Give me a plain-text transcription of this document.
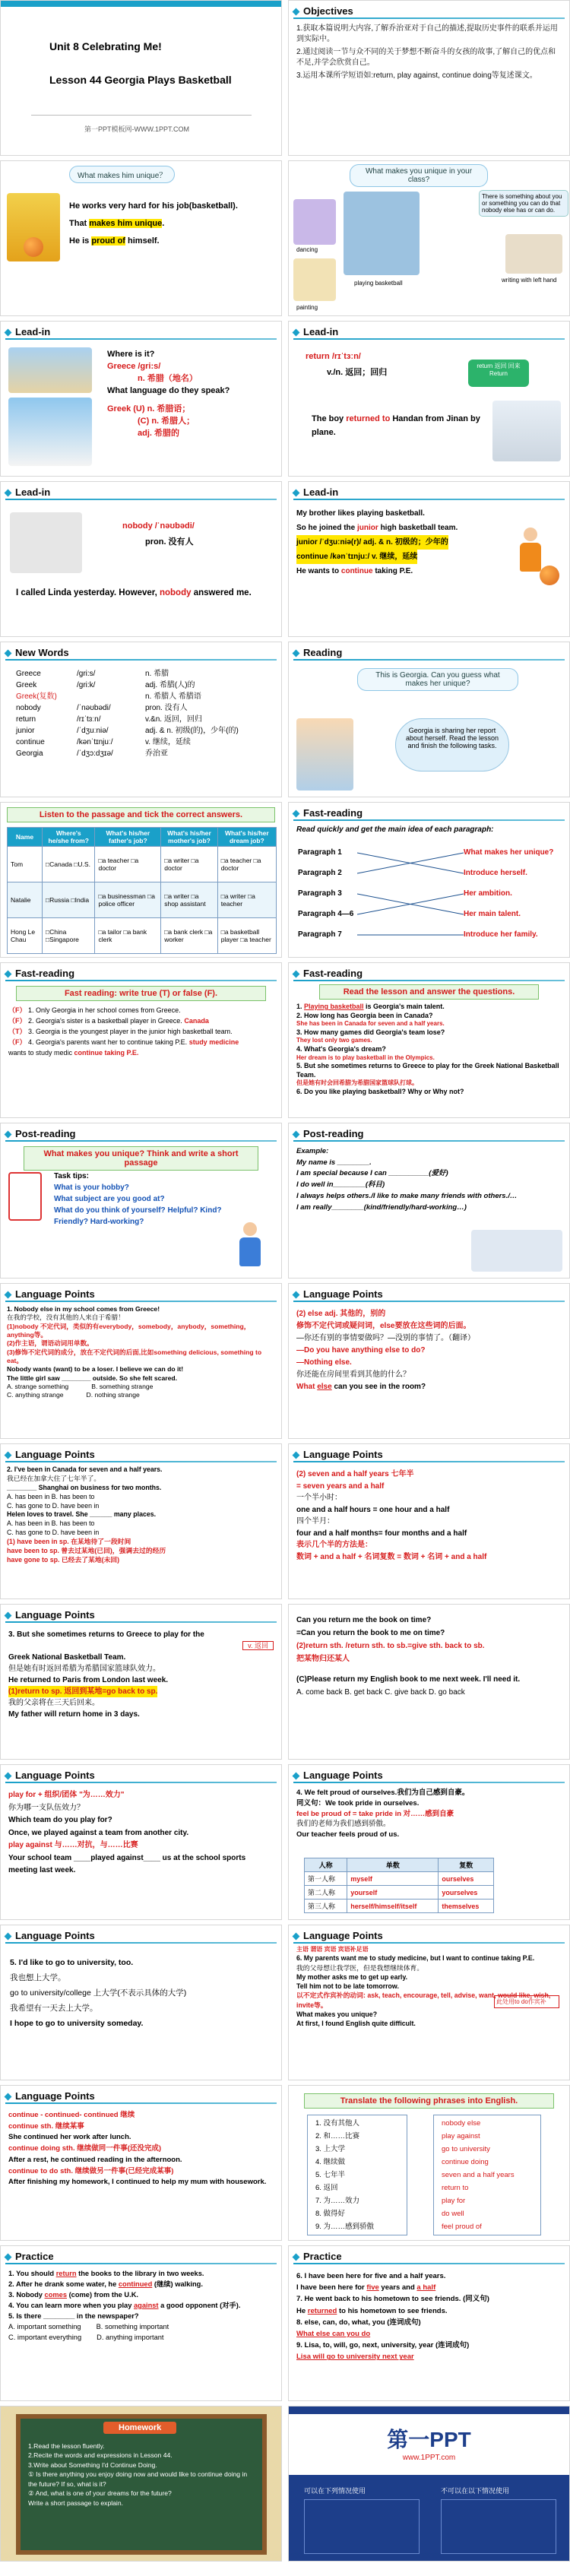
Unit 8 Celebrating Me!
Lesson 44 Georgia Plays Basketball
第一PPT模板网-WWW.1PPT.COM
Objectives
1.获取本篇说明大内容,了解乔治亚对于自己的描述,提取历史事件的联系并运用到实际中。
2.通过阅读一节与众不同的关于梦想不断奋斗的女孩的故事,了解自己的优点和不足,并学会欣赏自己。
3.运用本课所学短语如:return, play against, continue doing等复述课文。
What makes him unique？
He works very hard for his job(basketball).
That makes him unique.
He is proud of himself.
What makes you unique in your class?
There is something about you or something you can do that nobody else has or can do.
dancing
playing basketball	writing with left hand
painting
Lead-in
Where is it?
Greece /gri:s/
n. 希腊（地名）
What language do they speak?
Greek (U) n. 希腊语；
(C) n. 希腊人；
adj. 希腊的
Lead-in
return /rɪˈtɜːn/
v./n. 返回；回归
return 返回 回来 Return
The boy returned to Handan from Jinan by plane.
Lead-in
nobody /ˈnəʊbədi/
pron. 没有人
I called Linda yesterday. However, nobody answered me.
Lead-in
My brother likes playing basketball.
So he joined the junior high basketball team.
junior /ˈdʒuːniə(r)/ adj. & n. 初级的；少年的 continue /kənˈtɪnjuː/ v. 继续，延续
He wants to continue taking P.E.
New Words
Greece	/gri:s/	n. 希腊
Greek	/gri:k/	adj. 希腊(人)的
Greek(复数)	n. 希腊人 希腊语
nobody	/ˈnəʊbədi/	pron. 没有人
return	/rɪˈtɜːn/	v.&n. 返回，回归
junior	/ˈdʒuːniə/	adj. & n. 初级(的)，少年(的)
continue	/kənˈtɪnjuː/	v. 继续，延续
Georgia	/ˈdʒɔ:dʒɪə/	乔治亚
Reading
This is Georgia. Can you guess what makes her unique?
Georgia is sharing her report about herself. Read the lesson and finish the following tasks.
Listen to the passage and tick the correct answers.
Name	Where's he/she from?	What's his/her father's job?	What's his/her mother's job?	What's his/her dream job?
Tom	□Canada □U.S.	□a teacher □a doctor	□a writer □a doctor	□a teacher □a doctor
Natalie	□Russia □India	□a businessman □a police officer	□a writer □a shop assistant	□a writer □a teacher
Hong Le Chau	□China □Singapore	□a tailor □a bank clerk	□a bank clerk □a worker	□a basketball player □a teacher
Fast-reading
Read quickly and get the main idea of each paragraph:
Paragraph 1
Paragraph 2
Paragraph 3
Paragraph 4—6
Paragraph 7
What makes her unique?
Introduce herself.
Her ambition.
Her main talent.
Introduce her family.
Fast-reading
Fast reading: write true (T) or false (F).
（F） 1. Only Georgia in her school comes from Greece.
（F） 2. Georgia's sister is a basketball player in Greece. Canada
（T） 3. Georgia is the youngest player in the junior high basketball team.
（F） 4. Georgia's parents want her to continue taking P.E. study medicine
wants to study medic continue taking P.E.
Fast-reading
Read the lesson and answer the questions.
1. Playing basketball is Georgia's main talent.
2. How long has Georgia been in Canada?
She has been in Canada for seven and a half years.
3. How many games did Georgia's team lose?
They lost only two games.
4. What's Georgia's dream?
Her dream is to play basketball in the Olympics.
5. But she sometimes returns to Greece to play for the Greek National Basketball Team.
但是她有时会回希腊为希腊国家篮球队打球。
6. Do you like playing basketball? Why or Why not?
Post-reading
What makes you unique? Think and write a short passage
Task tips:
What is your hobby?
What subject are you good at?
What do you think of yourself? Helpful? Kind? Friendly? Hard-working?
Post-reading
Example:
My name is ________.
I am special because I can __________(爱好)
I do well in________(科目)
I always helps others./I like to make many friends with others./…
I am really________(kind/friendly/hard-working…)
Language Points
1. Nobody else in my school comes from Greece!
在我的学校，没有其他的人来自于希腊！
(1)nobody 不定代词，类似的有everybody，somebody，anybody，something，anything等。
(2)作主语，谓语动词用单数。
(3)修饰不定代词的成分，放在不定代词的后面,比如something delicious, something to eat。
Nobody wants (want) to be a loser. I believe we can do it!
The little girl saw ________ outside. So she felt scared.
A. strange something	B. something strange
C. anything strange	D. nothing strange
Language Points
(2) else adj. 其他的，别的
修饰不定代词或疑问词，else要放在这些词的后面。
—你还有别的事情要做吗？—没别的事情了。（翻译）
—Do you have anything else to do?
—Nothing else.
你还能在房间里看到其他的什么？
What else can you see in the room?
Language Points
2. I've been in Canada for seven and a half years.
我已经在加拿大住了七年半了。
________ Shanghai on business for two months.
A. has been in B. has been to
C. has gone to D. have been in
Helen loves to travel. She ______ many places.
A. has been in B. has been to
C. has gone to D. have been in
(1) have been in sp. 在某地待了一段时间
have been to sp. 曾去过某地(已回)，强调去过的经历
have gone to sp. 已经去了某地(未回)
Language Points
(2) seven and a half years 七年半
= seven years and a half
一个半小时：
one and a half hours = one hour and a half
四个半月：
four and a half months= four months and a half
表示几个半的方法是：
数词 + and a half + 名词复数 = 数词 + 名词 + and a half
Language Points
3. But she sometimes returns to Greece to play for the
v. 返回
Greek National Basketball Team.
但是她有时返回希腊为希腊国家篮球队效力。
He returned to Paris from London last week.
(1)return to sp. 返回到某地=go back to sp.
我的父亲将在三天后回来。
My father will return home in 3 days.
Can you return me the book on time?
=Can you return the book to me on time?
(2)return sth. /return sth. to sb.=give sth. back to sb.
把某物归还某人
(C)Please return my English book to me next week. I'll need it.
A. come back B. get back C. give back D. go back
Language Points
play for + 组织/团体 "为……效力"
你为哪一支队伍效力？
Which team do you play for?
Once, we played against a team from another city.
play against 与……对抗，与……比赛
Your school team ____played against____ us at the school sports meeting last week.
Language Points
4. We felt proud of ourselves.我们为自己感到自豪。
同义句：We took pride in ourselves.
feel be proud of = take pride in 对……感到自豪
我们的老师为我们感到骄傲。
Our teacher feels proud of us.
人称	单数	复数
第一人称	myself	ourselves
第二人称	yourself	yourselves
第三人称	herself/himself/itself	themselves
Language Points
5. I'd like to go to university, too.
我也想上大学。
go to university/college 上大学(不表示具体的大学)
我希望有一天去上大学。
I hope to go to university someday.
Language Points
主语 谓语 宾语 宾语补足语
6. My parents want me to study medicine, but I want to continue taking P.E.
我的父母想让我学医，但是我想继续体育。
My mother asks me to get up early.
Tell him not to be late tomorrow.
以不定式作宾补的动词: ask, teach, encourage, tell, advise, want, would like, wish, invite等。
What makes you unique?
At first, I found English quite difficult.
此处用to do作宾补
Language Points
continue - continued- continued 继续
continue sth. 继续某事
She continued her work after lunch.
continue doing sth. 继续做同一件事(还没完成)
After a rest, he continued reading in the afternoon.
continue to do sth. 继续做另一件事(已经完成某事)
After finishing my homework, I continued to help my mum with housework.
Translate the following phrases into English.
1. 没有其他人
2. 和……比赛
3. 上大学
4. 继续做
5. 七年半
6. 返回
7. 为……效力
8. 做得好
9. 为……感到骄傲
nobody else
play against
go to university
continue doing
seven and a half years
return to
play for
do well
feel proud of
Practice
1. You should return the books to the library in two weeks.
2. After he drank some water, he continued (继续) walking.
3. Nobody comes (come) from the U.K.
4. You can learn more when you play against a good opponent (对手).
5. Is there ________ in the newspaper?
A. important something B. something important
C. important everything D. anything important
Practice
6. I have been here for five and a half years.
I have been here for five years and a half
7. He went back to his hometown to see friends. (同义句)
He returned to his hometown to see friends.
8. else, can, do, what, you (连词成句)
What else can you do
9. Lisa, to, will, go, next, university, year (连词成句)
Lisa will go to university next year
Homework
1.Read the lesson fluently.
2.Recite the words and expressions in Lesson 44.
3.Write about Something I'd Continue Doing.
① Is there anything you enjoy doing now and would like to continue doing in the future? If so, what is it?
② And, what is one of your dreams for the future?
Write a short passage to explain.
第一PPT
www.1PPT.com
可以在下列情况使用	不可以在以下情况使用
